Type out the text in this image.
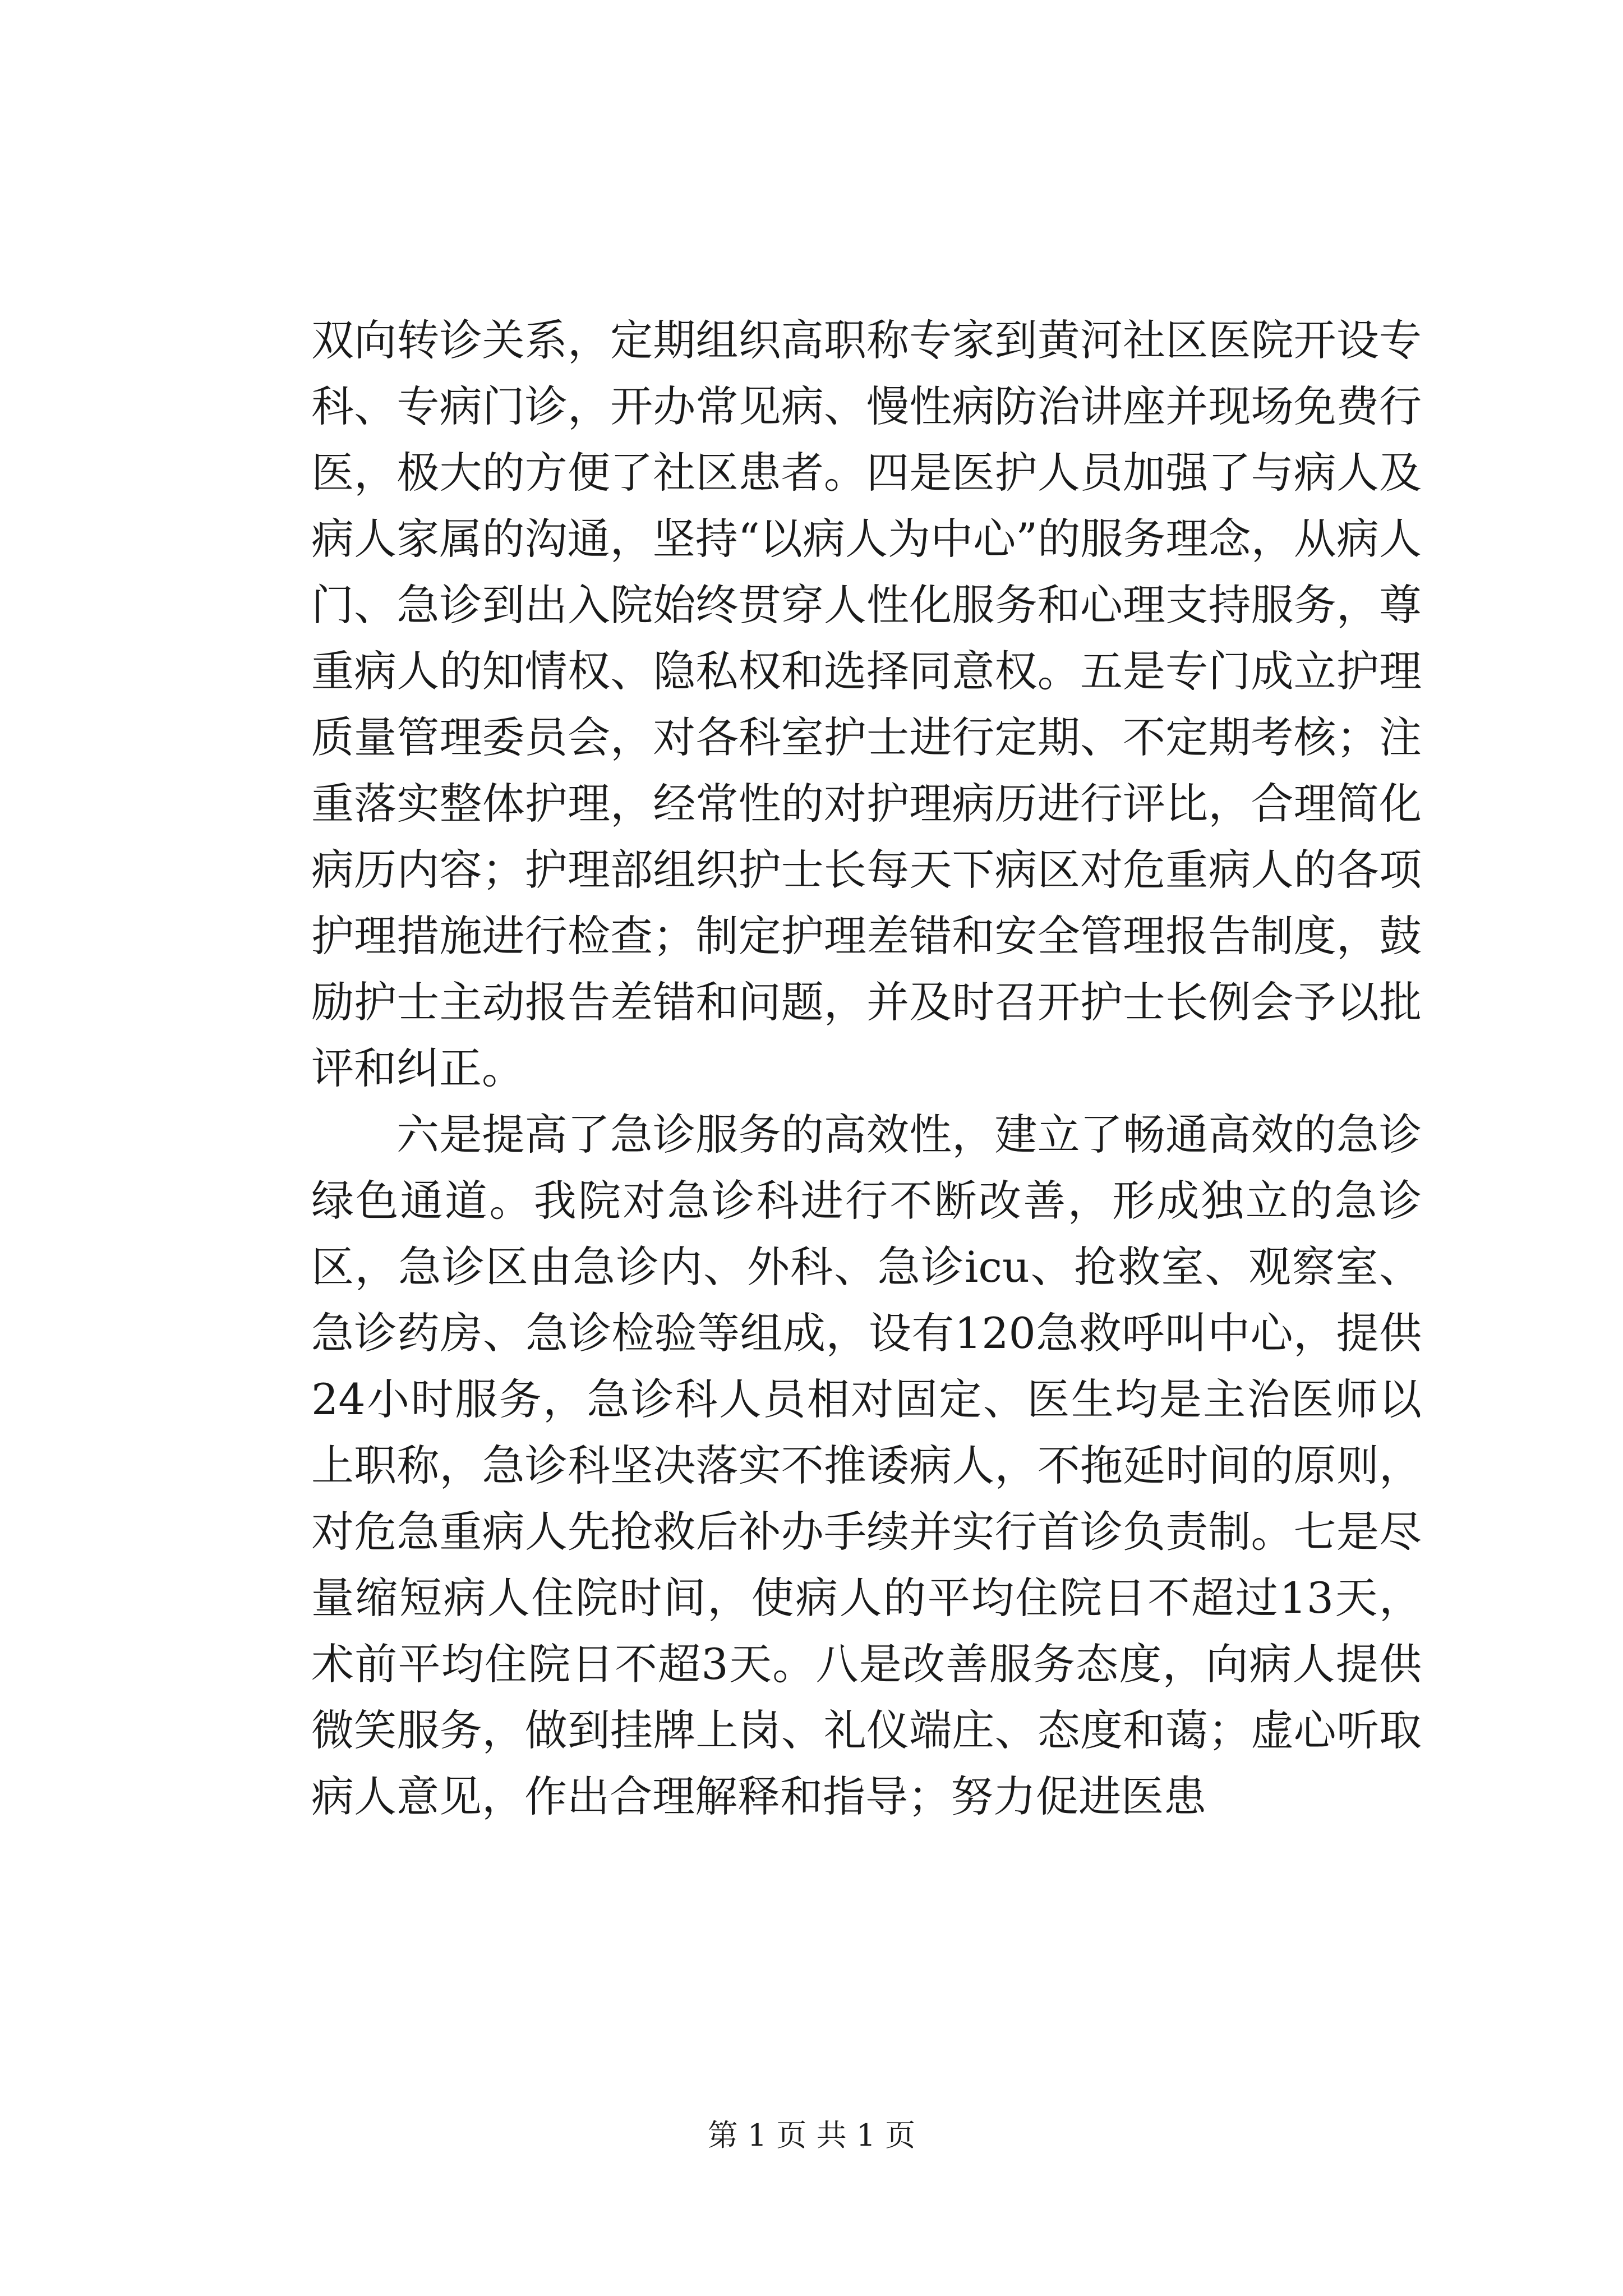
双向转诊关系，定期组织高职称专家到黄河社区医院开设专科、专病门诊，开办常见病、慢性病防治讲座并现场免费行医，极大的方便了社区患者。四是医护人员加强了与病人及病人家属的沟通，坚持“以病人为中心”的服务理念，从病人门、急诊到出入院始终贯穿人性化服务和心理支持服务，尊重病人的知情权、隐私权和选择同意权。五是专门成立护理质量管理委员会，对各科室护士进行定期、不定期考核；注重落实整体护理，经常性的对护理病历进行评比，合理简化病历内容；护理部组织护士长每天下病区对危重病人的各项护理措施进行检查；制定护理差错和安全管理报告制度，鼓励护士主动报告差错和问题，并及时召开护士长例会予以批评和纠正。

六是提高了急诊服务的高效性，建立了畅通高效的急诊绿色通道。我院对急诊科进行不断改善，形成独立的急诊区，急诊区由急诊内、外科、急诊icu、抢救室、观察室、急诊药房、急诊检验等组成，设有120急救呼叫中心，提供24小时服务，急诊科人员相对固定、医生均是主治医师以上职称，急诊科坚决落实不推诿病人，不拖延时间的原则，对危急重病人先抢救后补办手续并实行首诊负责制。七是尽量缩短病人住院时间，使病人的平均住院日不超过13天，术前平均住院日不超3天。八是改善服务态度，向病人提供微笑服务，做到挂牌上岗、礼仪端庄、态度和蔼；虚心听取病人意见，作出合理解释和指导；努力促进医患

第 1 页 共 1 页
